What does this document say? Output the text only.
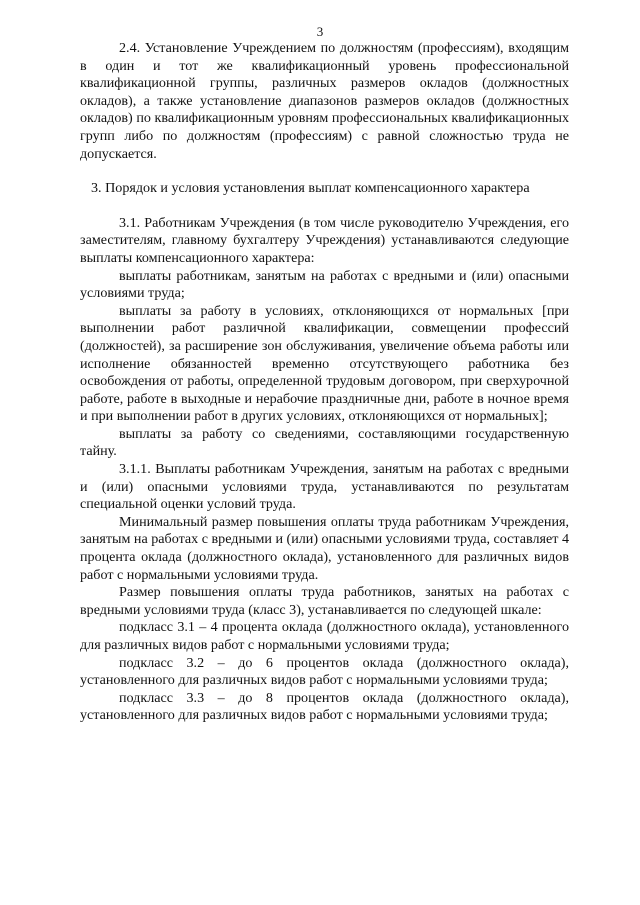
3

2.4. Установление Учреждением по должностям (профессиям), входящим в один и тот же квалификационный уровень профессиональной квалификационной группы, различных размеров окладов (должностных окладов), а также установление диапазонов размеров окладов (должностных окладов) по квалификационным уровням профессиональных квалификационных групп либо по должностям (профессиям) с равной сложностью труда не допускается.

3. Порядок и условия установления выплат компенсационного характера

3.1. Работникам Учреждения (в том числе руководителю Учреждения, его заместителям, главному бухгалтеру Учреждения) устанавливаются следующие выплаты компенсационного характера:

выплаты работникам, занятым на работах с вредными и (или) опасными условиями труда;

выплаты за работу в условиях, отклоняющихся от нормальных [при выполнении работ различной квалификации, совмещении профессий (должностей), за расширение зон обслуживания, увеличение объема работы или исполнение обязанностей временно отсутствующего работника без освобождения от работы, определенной трудовым договором, при сверхурочной работе, работе в выходные и нерабочие праздничные дни, работе в ночное время и при выполнении работ в других условиях, отклоняющихся от нормальных];

выплаты за работу со сведениями, составляющими государственную тайну.

3.1.1. Выплаты работникам Учреждения, занятым на работах с вредными и (или) опасными условиями труда, устанавливаются по результатам специальной оценки условий труда.

Минимальный размер повышения оплаты труда работникам Учреждения, занятым на работах с вредными и (или) опасными условиями труда, составляет 4 процента оклада (должностного оклада), установленного для различных видов работ с нормальными условиями труда.

Размер повышения оплаты труда работников, занятых на работах с вредными условиями труда (класс 3), устанавливается по следующей шкале:

подкласс 3.1 – 4 процента оклада (должностного оклада), установленного для различных видов работ с нормальными условиями труда;

подкласс 3.2 – до 6 процентов оклада (должностного оклада), установленного для различных видов работ с нормальными условиями труда;

подкласс 3.3 – до 8 процентов оклада (должностного оклада), установленного для различных видов работ с нормальными условиями труда;
